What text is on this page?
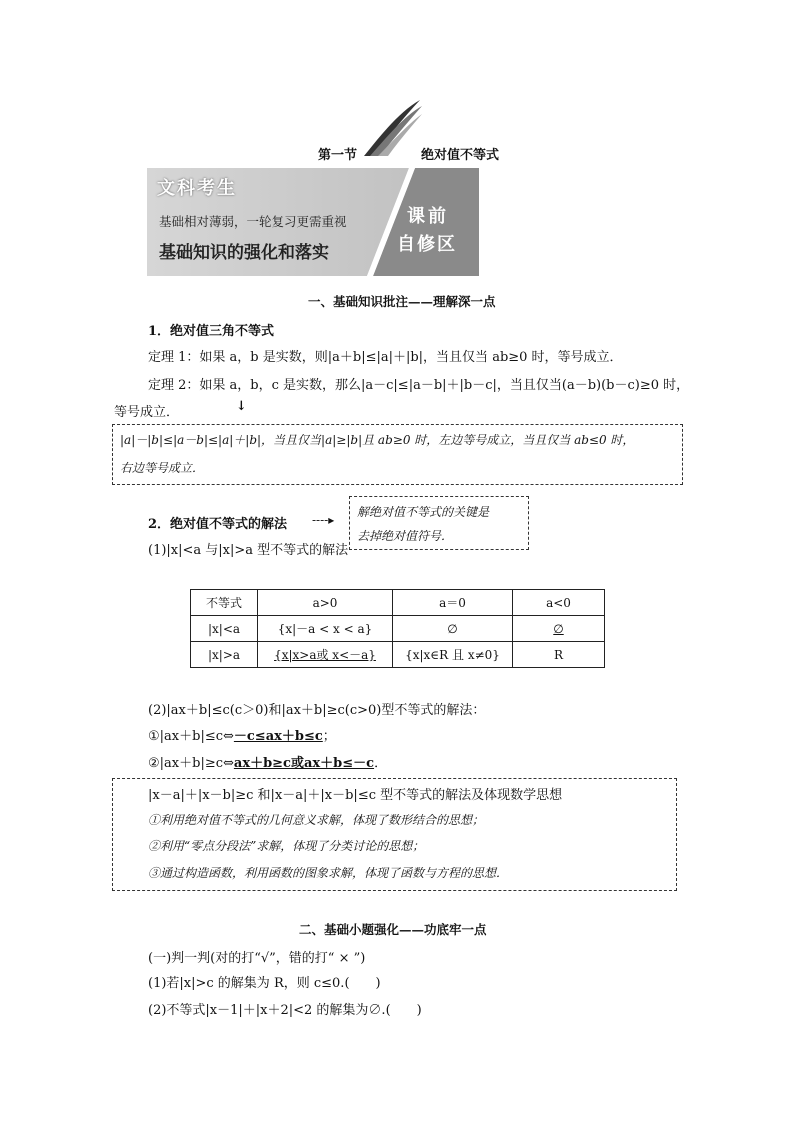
第一节	绝对值不等式
文科考生
基础相对薄弱，一轮复习更需重视
基础知识的强化和落实
课前
自修区
一、基础知识批注——理解深一点
1．绝对值三角不等式
定理 1：如果 a，b 是实数，则|a＋b|≤|a|＋|b|，当且仅当 ab≥0 时，等号成立．
定理 2：如果 a，b，c 是实数，那么|a－c|≤|a－b|＋|b－c|，当且仅当(a－b)(b－c)≥0 时，
等号成立．	↓
|a|－|b|≤|a－b|≤|a|＋|b|，当且仅当|a|≥|b|且 ab≥0 时，左边等号成立，当且仅当 ab≤0 时，
右边等号成立．
2．绝对值不等式的解法 ----▸
解绝对值不等式的关键是
去掉绝对值符号．
(1)|x|<a 与|x|>a 型不等式的解法
不等式	a>0	a＝0	a<0
|x|<a	{x|－a < x < a}	∅	∅
|x|>a	{x|x>a或 x<－a}	{x|x∈R 且 x≠0}	R
(2)|ax＋b|≤c(c＞0)和|ax＋b|≥c(c>0)型不等式的解法：
①|ax＋b|≤c⇔－c≤ax＋b≤c；
②|ax＋b|≥c⇔ax＋b≥c或ax＋b≤－c．
|x－a|＋|x－b|≥c 和|x－a|＋|x－b|≤c 型不等式的解法及体现数学思想
①利用绝对值不等式的几何意义求解，体现了数形结合的思想；
②利用“零点分段法”求解，体现了分类讨论的思想；
③通过构造函数，利用函数的图象求解，体现了函数与方程的思想．
二、基础小题强化——功底牢一点
(一)判一判(对的打“√”，错的打“ × ”)
(1)若|x|>c 的解集为 R，则 c≤0.(　　)
(2)不等式|x－1|＋|x＋2|<2 的解集为∅.(　　)
